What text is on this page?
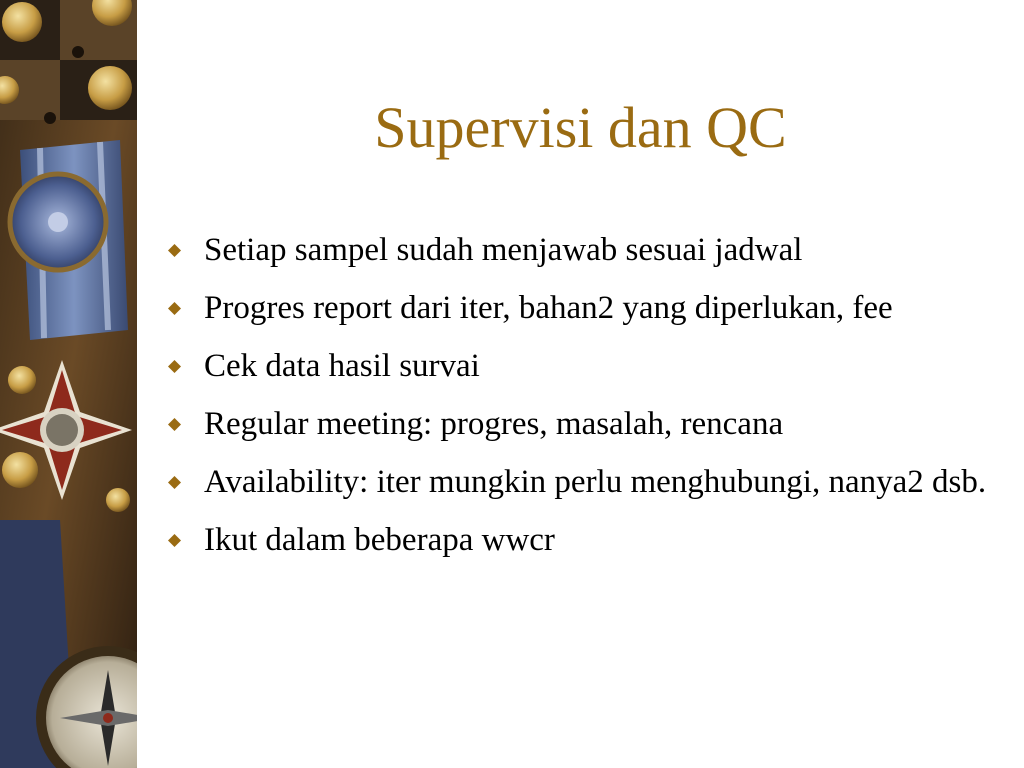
Supervisi dan QC
Setiap sampel sudah menjawab sesuai jadwal
Progres report dari iter, bahan2 yang diperlukan, fee
Cek data hasil survai
Regular meeting: progres, masalah, rencana
Availability: iter mungkin perlu menghubungi, nanya2 dsb.
Ikut dalam beberapa wwcr
